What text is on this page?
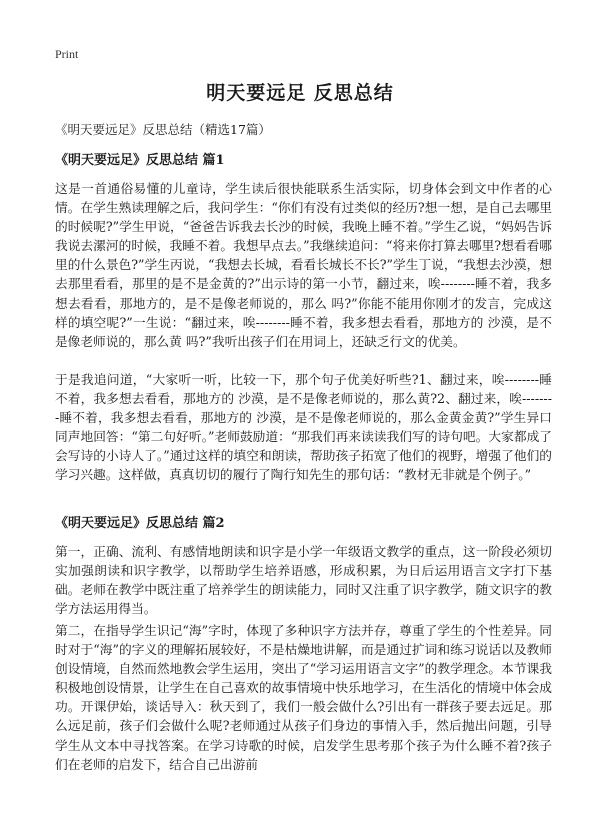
Print
明天要远足 反思总结

《明天要远足》反思总结（精选17篇）

《明天要远足》反思总结 篇1

这是一首通俗易懂的儿童诗，学生读后很快能联系生活实际，切身体会到文中作者的心情。在学生熟读理解之后，我问学生：“你们有没有过类似的经历?想一想，是自己去哪里的时候呢?”学生甲说，“爸爸告诉我去长沙的时候，我晚上睡不着。”学生乙说，“妈妈告诉我说去漯河的时候，我睡不着。我想早点去。”我继续追问：“将来你打算去哪里?想看看哪里的什么景色?”学生丙说，“我想去长城，看看长城长不长?”学生丁说，“我想去沙漠，想去那里看看，那里的是不是金黄的?”出示诗的第一小节，翻过来，唉--------睡不着，我多想去看看，那地方的，是不是像老师说的，那么 吗?”你能不能用你刚才的发言，完成这样的填空呢?”一生说：“翻过来，唉--------睡不着，我多想去看看，那地方的 沙漠，是不是像老师说的，那么黄 吗?”我听出孩子们在用词上，还缺乏行文的优美。

于是我追问道，“大家听一听，比较一下，那个句子优美好听些?1、翻过来，唉--------睡不着，我多想去看看，那地方的 沙漠，是不是像老师说的，那么黄?2、翻过来，唉--------睡不着，我多想去看看，那地方的 沙漠，是不是像老师说的，那么金黄金黄?”学生异口同声地回答：“第二句好听。”老师鼓励道：“那我们再来读读我们写的诗句吧。大家都成了会写诗的小诗人了。”通过这样的填空和朗读，帮助孩子拓宽了他们的视野，增强了他们的学习兴趣。这样做，真真切切的履行了陶行知先生的那句话：“教材无非就是个例子。”

《明天要远足》反思总结 篇2

第一，正确、流利、有感情地朗读和识字是小学一年级语文教学的重点，这一阶段必须切实加强朗读和识字教学，以帮助学生培养语感，形成积累，为日后运用语言文字打下基础。老师在教学中既注重了培养学生的朗读能力，同时又注重了识字教学，随文识字的教学方法运用得当。

第二，在指导学生识记“海”字时，体现了多种识字方法并存，尊重了学生的个性差异。同时对于“海”的字义的理解拓展较好，不是枯燥地讲解，而是通过扩词和练习说话以及教师创设情境，自然而然地教会学生运用，突出了“学习运用语言文字”的教学理念。本节课我积极地创设情景，让学生在自己喜欢的故事情境中快乐地学习，在生活化的情境中体会成功。开课伊始，谈话导入：秋天到了，我们一般会做什么?引出有一群孩子要去远足。那么远足前，孩子们会做什么呢?老师通过从孩子们身边的事情入手，然后抛出问题，引导学生从文本中寻找答案。在学习诗歌的时候，启发学生思考那个孩子为什么睡不着?孩子们在老师的启发下，结合自己出游前
